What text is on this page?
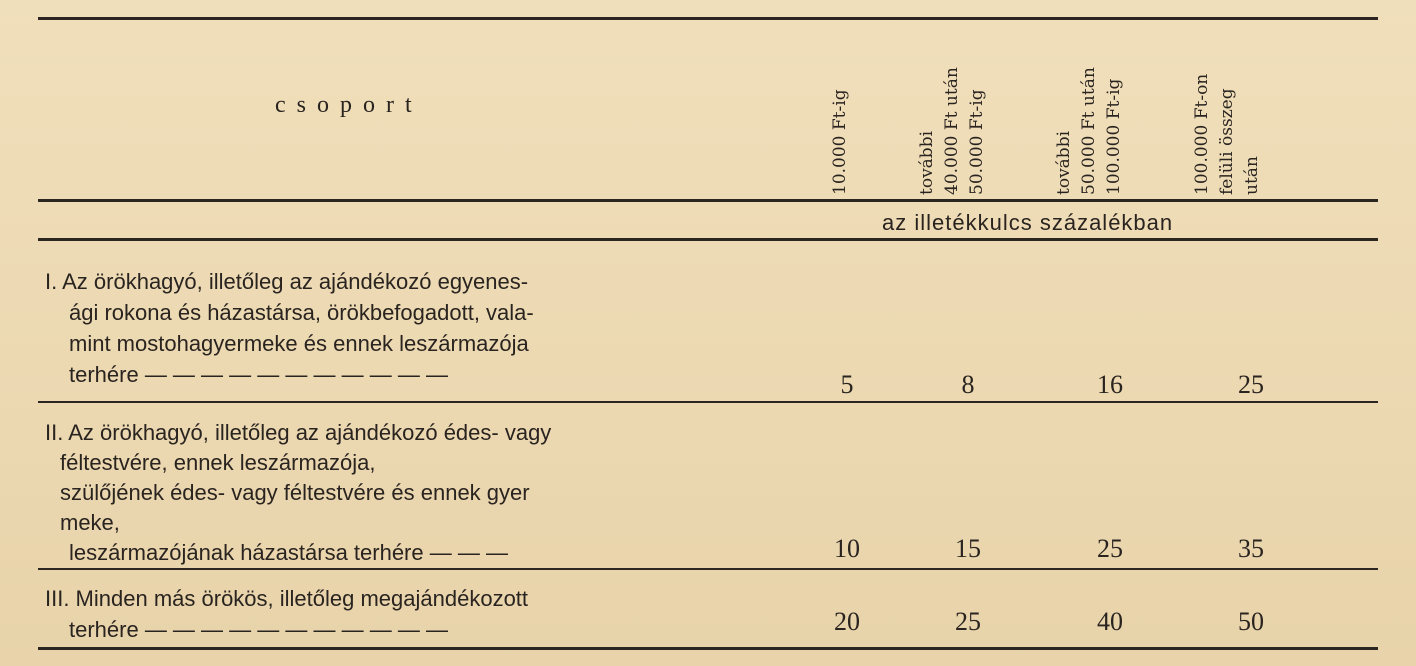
csoport	10.000 Ft-ig	további 40.000 Ft után 50.000 Ft-ig	további 50.000 Ft után 100.000 Ft-ig	100.000 Ft-on felüli összeg után
az illetékkulcs százalékban
I. Az örökhagyó, illetőleg az ajándékozó egyenes-
ági rokona és házastársa, örökbefogadott, vala-
mint mostohagyermeke és ennek leszármazója
terhére — — — — — — — — — — —	5	8	16	25
II. Az örökhagyó, illetőleg az ajándékozó édes- vagy
féltestvére, ennek leszármazója,
szülőjének édes- vagy féltestvére és ennek gyer
meke,
leszármazójának házastársa terhére — — —	10	15	25	35
III. Minden más örökös, illetőleg megajándékozott
terhére — — — — — — — — — — —	20	25	40	50
